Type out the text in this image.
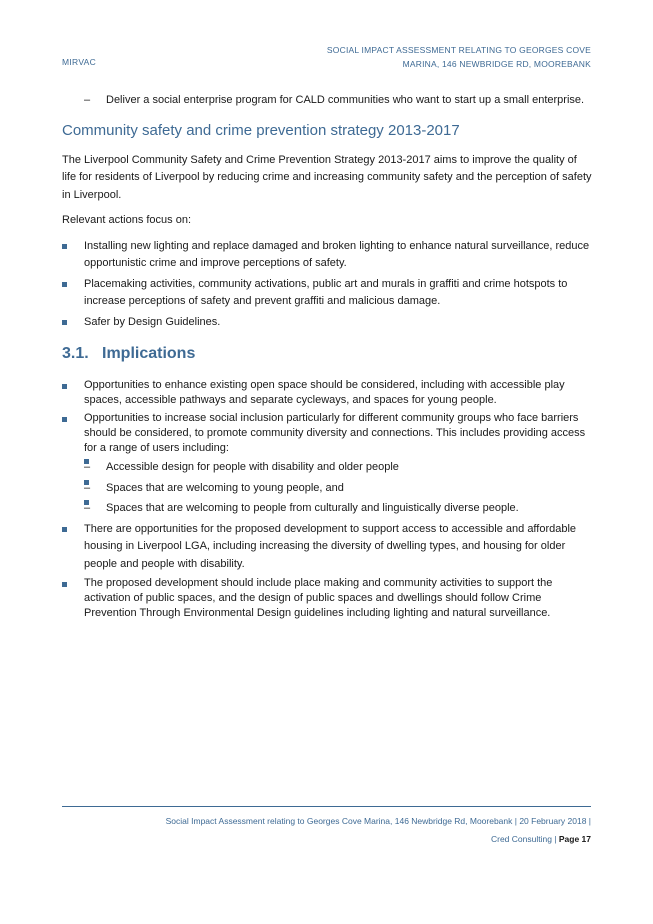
MIRVAC
SOCIAL IMPACT ASSESSMENT RELATING TO GEORGES COVE
MARINA, 146 NEWBRIDGE RD, MOOREBANK
– Deliver a social enterprise program for CALD communities who want to start up a small enterprise.
Community safety and crime prevention strategy 2013-2017

The Liverpool Community Safety and Crime Prevention Strategy 2013-2017 aims to improve the quality of life for residents of Liverpool by reducing crime and increasing community safety and the perception of safety in Liverpool.

Relevant actions focus on:

Installing new lighting and replace damaged and broken lighting to enhance natural surveillance, reduce opportunistic crime and improve perceptions of safety.
Placemaking activities, community activations, public art and murals in graffiti and crime hotspots to increase perceptions of safety and prevent graffiti and malicious damage.
Safer by Design Guidelines.
3.1. Implications
Opportunities to enhance existing open space should be considered, including with accessible play spaces, accessible pathways and separate cycleways, and spaces for young people.
Opportunities to increase social inclusion particularly for different community groups who face barriers should be considered, to promote community diversity and connections. This includes providing access for a range of users including:
– Accessible design for people with disability and older people
– Spaces that are welcoming to young people, and
– Spaces that are welcoming to people from culturally and linguistically diverse people.
There are opportunities for the proposed development to support access to accessible and affordable housing in Liverpool LGA, including increasing the diversity of dwelling types, and housing for older people and people with disability.
The proposed development should include place making and community activities to support the activation of public spaces, and the design of public spaces and dwellings should follow Crime Prevention Through Environmental Design guidelines including lighting and natural surveillance.
Social Impact Assessment relating to Georges Cove Marina, 146 Newbridge Rd, Moorebank | 20 February 2018 |
Cred Consulting | Page 17
